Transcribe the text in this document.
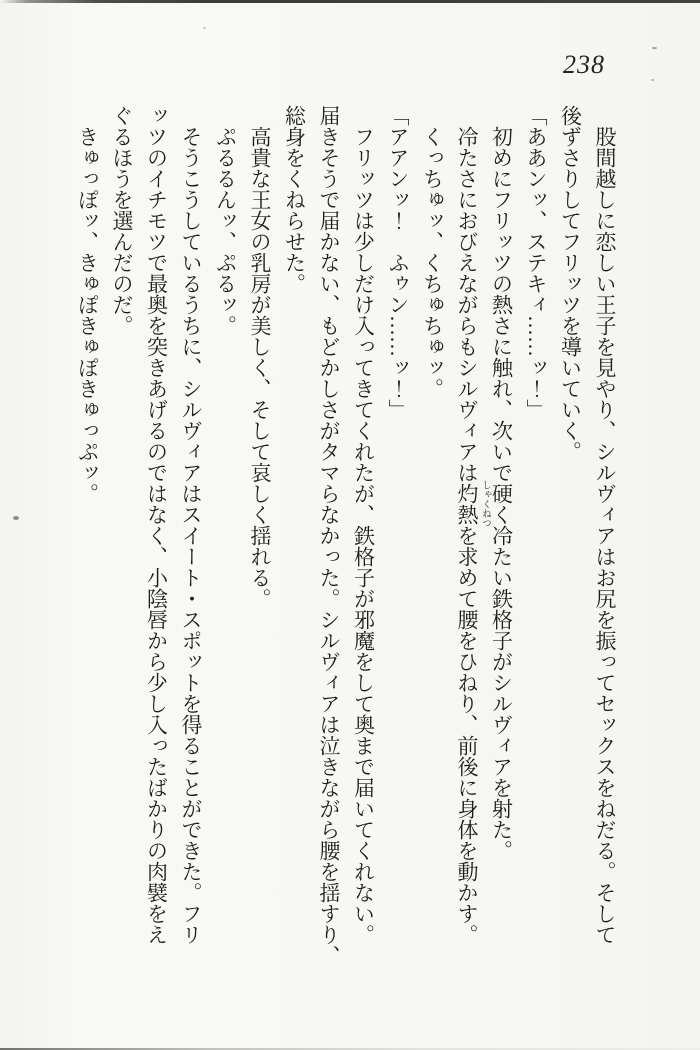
238
股間越しに恋しい王子を見やり、シルヴィアはお尻を振ってセックスをねだる。そして
後ずさりしてフリッツを導いていく。
「ああンッ、ステキィ……ッ！」
初めにフリッツの熱さに触れ、次いで硬く冷たい鉄格子がシルヴィアを射た。
冷たさにおびえながらもシルヴィアは灼熱 しゃくねつ
を求めて腰をひねり、前後に身体を動かす。
くっちゅッ、くちゅちゅッ。
「アアンッ！　ふゥン……ッ！」
フリッツは少しだけ入ってきてくれたが、鉄格子が邪魔をして奥まで届いてくれない。
届きそうで届かない、もどかしさがタマらなかった。シルヴィアは泣きながら腰を揺すり、
総身をくねらせた。
高貴な王女の乳房が美しく、そして哀しく揺れる。
ぷるるんッ、ぷるッ。
そうこうしているうちに、シルヴィアはスイート・スポットを得ることができた。フリ
ッツのイチモツで最奥を突きあげるのではなく、小陰唇から少し入ったばかりの肉襞をえ
ぐるほうを選んだのだ。
きゅっぽッ、きゅぽきゅぽきゅっぷッ。
